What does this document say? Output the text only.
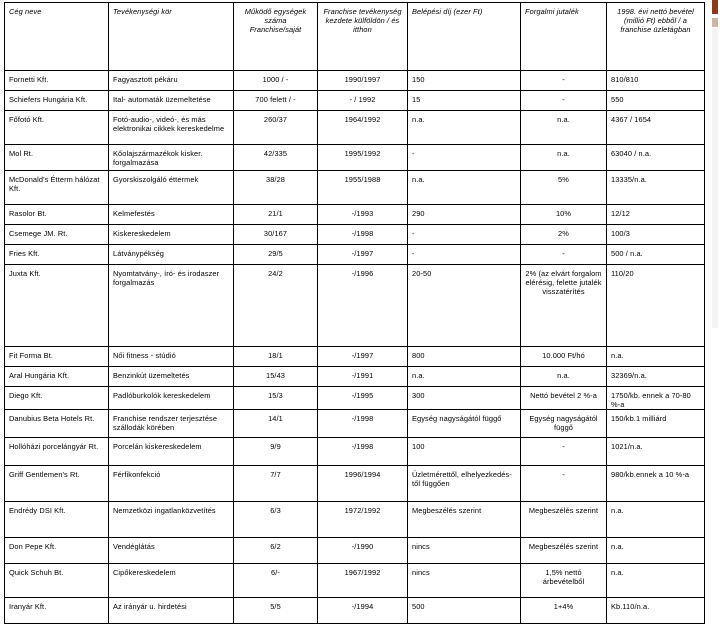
Cég neve	Tevékenységi kör	Működő egységek száma Franchise/saját	Franchise tevékenység kezdete külföldön / és itthon	Belépési díj (ezer Ft)	Forgalmi jutalék	1998. évi nettó bevétel (millió Ft) ebből / a franchise üzletágban
Fornetti Kft.	Fagyasztott pékáru	1000 / -	1990/1997	150	-	810/810
Schiefers Hungária Kft.	Ital- automaták üzemeltetése	700 felett / -	- / 1992	15	-	550
Főfotó Kft.	Fotó-audio-, videó-, és más elektronikai cikkek kereskedelme	260/37	1964/1992	n.a.	n.a.	4367 / 1654
Mol Rt.	Kőolajszármazékok kisker. forgalmazása	42/335	1995/1992	-	n.a.	63040 / n.a.
McDonald's Étterm hálózat Kft.	Gyorskiszolgáló éttermek	38/28	1955/1988	n.a.	5%	13335/n.a.
Rasolor Bt.	Kelmefestés	21/1	-/1993	290	10%	12/12
Csemege JM. Rt.	Kiskereskedelem	30/167	-/1998	-	2%	100/3
Fries Kft.	Látványpékség	29/5	-/1997	-	-	500 / n.a.
Juxta Kft.	Nyomtatvány-, író- és irodaszer forgalmazás	24/2	-/1996	20-50	2% (az elvárt forgalom elérésig, felette jutalék visszatérítés	110/20
Fit Forma Bt.	Női fitness - stúdió	18/1	-/1997	800	10.000 Ft/hó	n.a.
Aral Hungária Kft.	Benzinkút üzemeltetés	15/43	-/1991	n.a.	n.a.	32369/n.a.
Diego Kft.	Padlóburkolók kereskedelem	15/3	-/1995	300	Nettó bevétel 2 %-a	1750/kb. ennek a 70-80 %-a
Danubius Beta Hotels Rt.	Franchise rendszer terjesztése szállodák körében	14/1	-/1998	Egység nagyságától függő	Egység nagyságától függő	150/kb.1 milliárd
Hollóházi porcelángyár Rt.	Porcelán kiskereskedelem	9/9	-/1998	100	-	1021/n.a.
Griff Gentlemen's Rt.	Férfikonfekció	7/7	1996/1994	Üzletmérettől, elhelyezkedés-től függően	-	980/kb.ennek a 10 %-a
Endrédy DSI Kft.	Nemzetközi ingatlanközvetítés	6/3	1972/1992	Megbeszélés szerint	Megbeszélés szerint	n.a.
Don Pepe Kft.	Vendéglátás	6/2	-/1990	nincs	Megbeszélés szerint	n.a.
Quick Schuh Bt.	Cipőkereskedelem	6/-	1967/1992	nincs	1,5% nettó árbevételből	n.a.
Iranyár Kft.	Az irányár u. hirdetési	5/5	-/1994	500	1+4%	Kb.110/n.a.
